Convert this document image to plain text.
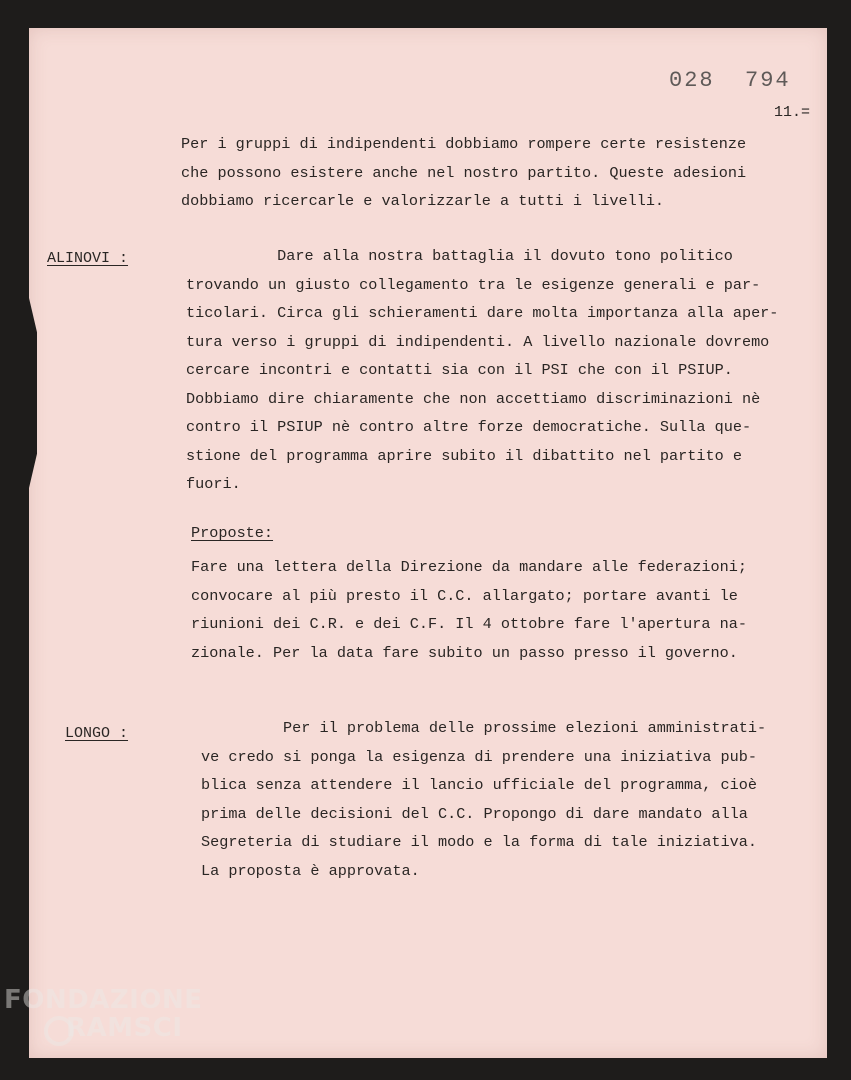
028  794
11.=
Per i gruppi di indipendenti dobbiamo rompere certe resistenze
che possono esistere anche nel nostro partito. Queste adesioni
dobbiamo ricercarle e valorizzarle a tutti i livelli.
ALINOVI :	Dare alla nostra battaglia il dovuto tono politico
trovando un giusto collegamento tra le esigenze generali e par-
ticolari. Circa gli schieramenti dare molta importanza alla aper-
tura verso i gruppi di indipendenti. A livello nazionale dovremo
cercare incontri e contatti sia con il PSI che con il PSIUP.
Dobbiamo dire chiaramente che non accettiamo discriminazioni nè
contro il PSIUP nè contro altre forze democratiche. Sulla que-
stione del programma aprire subito il dibattito nel partito e
fuori.
Proposte:
Fare una lettera della Direzione da mandare alle federazioni;
convocare al più presto il C.C. allargato; portare avanti le
riunioni dei C.R. e dei C.F. Il 4 ottobre fare l'apertura na-
zionale. Per la data fare subito un passo presso il governo.
LONGO :	Per il problema delle prossime elezioni amministrati-
ve credo si ponga la esigenza di prendere una iniziativa pub-
blica senza attendere il lancio ufficiale del programma, cioè
prima delle decisioni del C.C. Propongo di dare mandato alla
Segreteria di studiare il modo e la forma di tale iniziativa.
La proposta è approvata.
FONDAZIONE
RAMSCI
